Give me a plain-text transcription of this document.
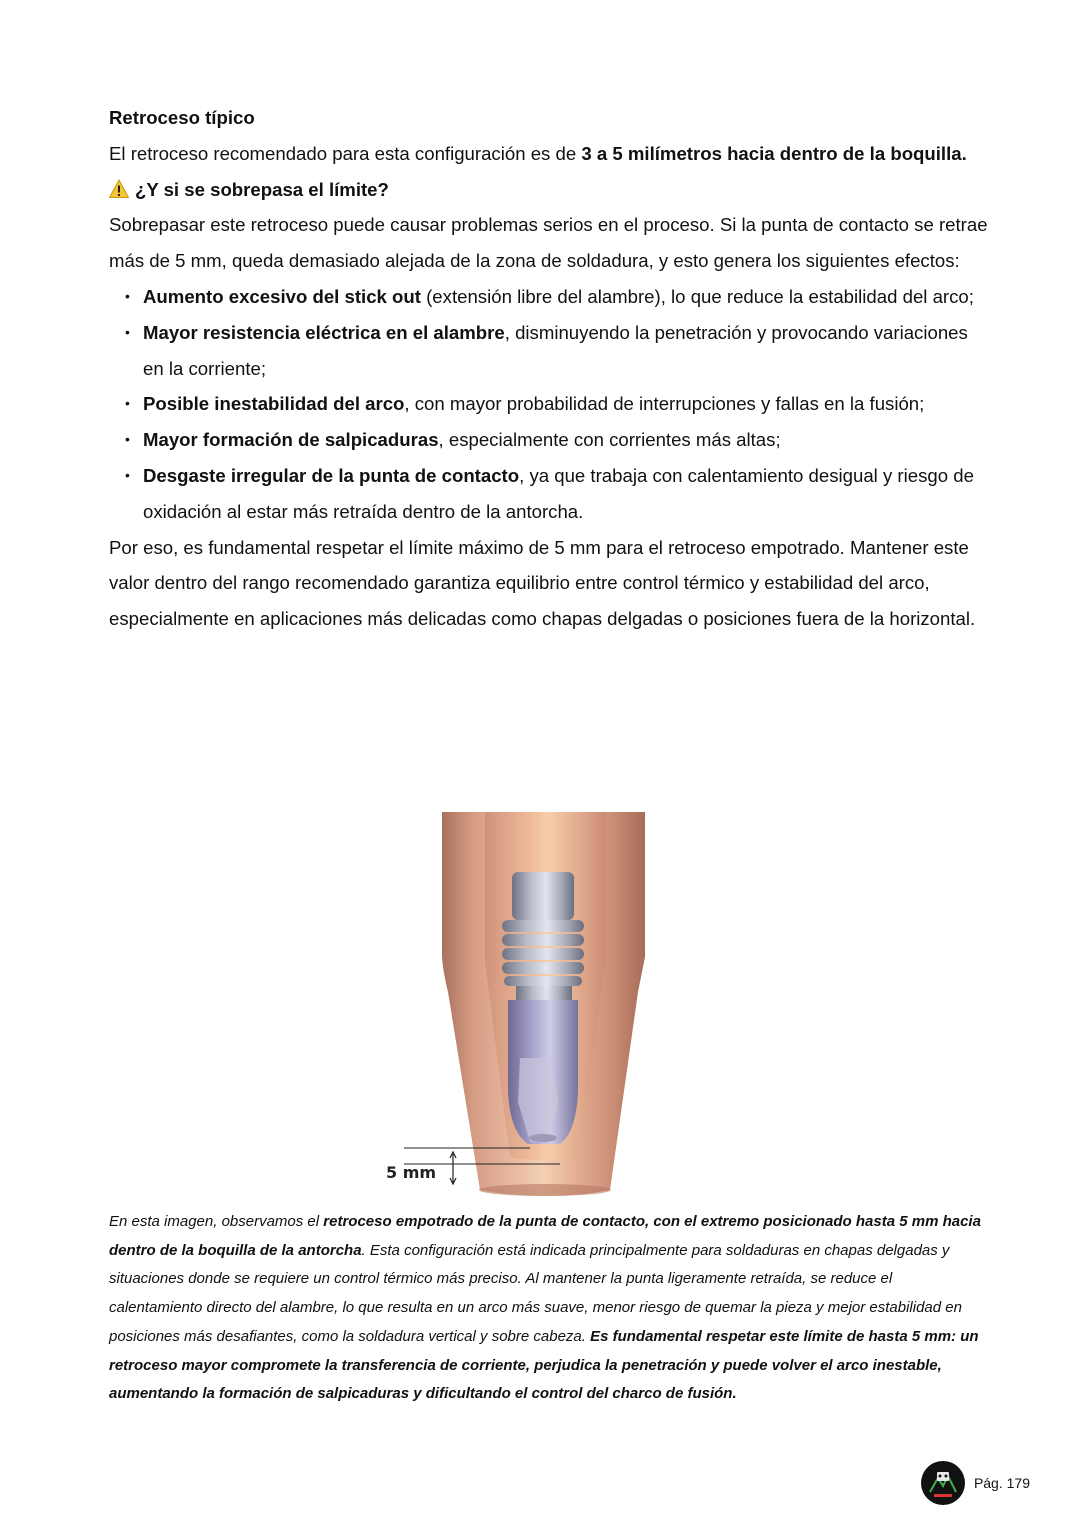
Retroceso típico

El retroceso recomendado para esta configuración es de 3 a 5 milímetros hacia dentro de la boquilla.

¿Y si se sobrepasa el límite?

Sobrepasar este retroceso puede causar problemas serios en el proceso. Si la punta de contacto se retrae más de 5 mm, queda demasiado alejada de la zona de soldadura, y esto genera los siguientes efectos:

• Aumento excesivo del stick out (extensión libre del alambre), lo que reduce la estabilidad del arco;
• Mayor resistencia eléctrica en el alambre, disminuyendo la penetración y provocando variaciones en la corriente;
• Posible inestabilidad del arco, con mayor probabilidad de interrupciones y fallas en la fusión;
• Mayor formación de salpicaduras, especialmente con corrientes más altas;
• Desgaste irregular de la punta de contacto, ya que trabaja con calentamiento desigual y riesgo de oxidación al estar más retraída dentro de la antorcha.

Por eso, es fundamental respetar el límite máximo de 5 mm para el retroceso empotrado. Mantener este valor dentro del rango recomendado garantiza equilibrio entre control térmico y estabilidad del arco, especialmente en aplicaciones más delicadas como chapas delgadas o posiciones fuera de la horizontal.

5 mm

En esta imagen, observamos el retroceso empotrado de la punta de contacto, con el extremo posicionado hasta 5 mm hacia dentro de la boquilla de la antorcha. Esta configuración está indicada principalmente para soldaduras en chapas delgadas y situaciones donde se requiere un control térmico más preciso. Al mantener la punta ligeramente retraída, se reduce el calentamiento directo del alambre, lo que resulta en un arco más suave, menor riesgo de quemar la pieza y mejor estabilidad en posiciones más desafiantes, como la soldadura vertical y sobre cabeza. Es fundamental respetar este límite de hasta 5 mm: un retroceso mayor compromete la transferencia de corriente, perjudica la penetración y puede volver el arco inestable, aumentando la formación de salpicaduras y dificultando el control del charco de fusión.

Pág. 179
